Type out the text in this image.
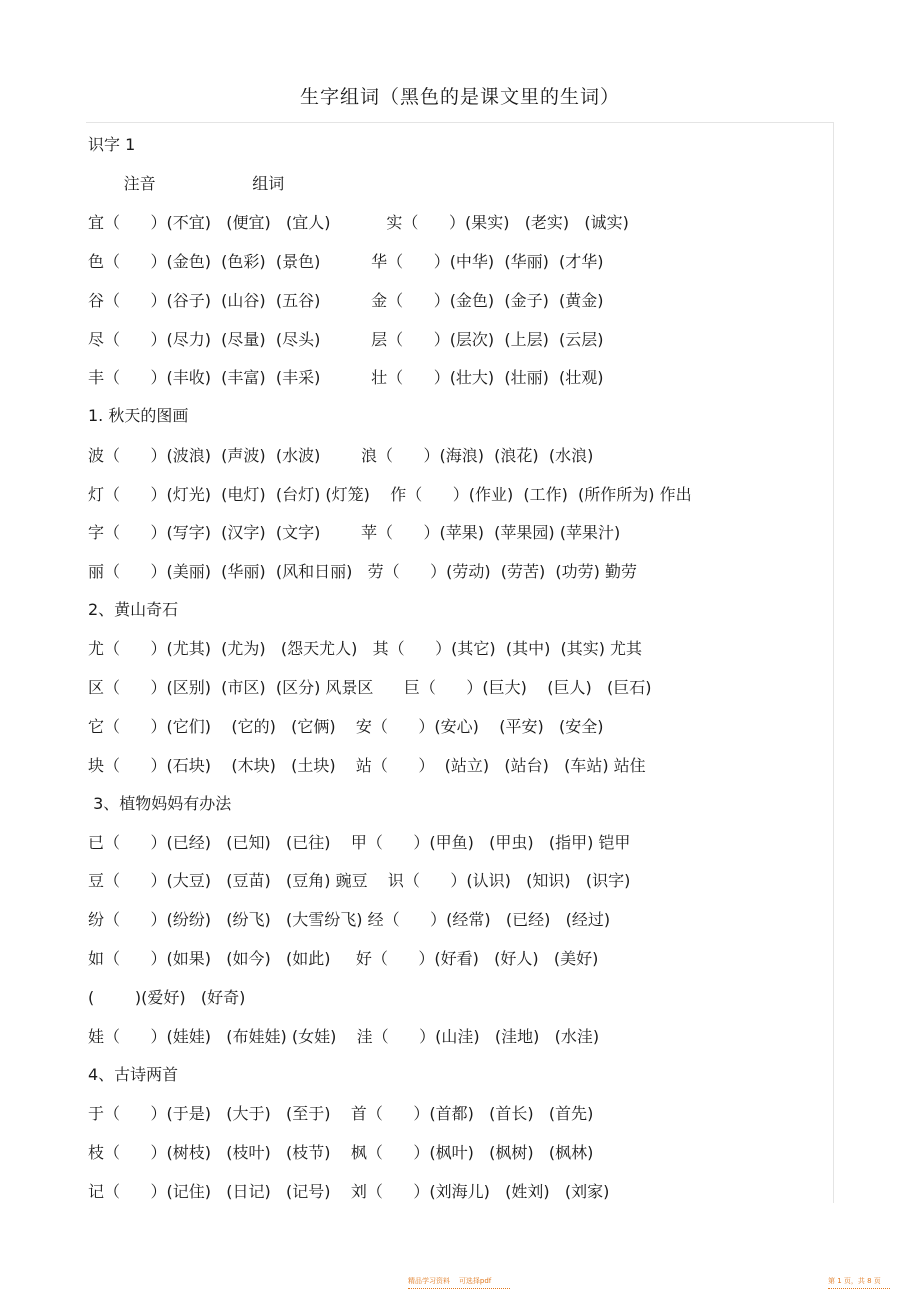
生字组词（黑色的是课文里的生词）
识字 1
注音                   组词
宜（      ）(不宜)   (便宜)   (宜人)           实（      ）(果实)   (老实)   (诚实)
色（      ）(金色)  (色彩)  (景色)          华（      ）(中华)  (华丽)  (才华)
谷（      ）(谷子)  (山谷)  (五谷)          金（      ）(金色)  (金子)  (黄金)
尽（      ）(尽力)  (尽量)  (尽头)          层（      ）(层次)  (上层)  (云层)
丰（      ）(丰收)  (丰富)  (丰采)          壮（      ）(壮大)  (壮丽)  (壮观)
1. 秋天的图画
波（      ）(波浪)  (声波)  (水波)        浪（      ）(海浪)  (浪花)  (水浪)
灯（      ）(灯光)  (电灯)  (台灯) (灯笼)    作（      ）(作业)  (工作)  (所作所为) 作出
字（      ）(写字)  (汉字)  (文字)        苹（      ）(苹果)  (苹果园) (苹果汁)
丽（      ）(美丽)  (华丽)  (风和日丽)   劳（      ）(劳动)  (劳苦)  (功劳) 勤劳
2、黄山奇石
尤（      ）(尤其)  (尤为)   (怨天尤人)   其（      ）(其它)  (其中)  (其实) 尤其
区（      ）(区别)  (市区)  (区分) 风景区      巨（      ）(巨大)    (巨人)   (巨石)
它（      ）(它们)    (它的)   (它俩)    安（      ）(安心)    (平安)   (安全)
块（      ）(石块)    (木块)   (土块)    站（      ）  (站立)   (站台)   (车站) 站住
3、植物妈妈有办法
已（      ）(已经)   (已知)   (已往)    甲（      ）(甲鱼)   (甲虫)   (指甲) 铠甲
豆（      ）(大豆)   (豆苗)   (豆角) 豌豆    识（      ）(认识)   (知识)   (识字)
纷（      ）(纷纷)   (纷飞)   (大雪纷飞) 经（      ）(经常)   (已经)   (经过)
如（      ）(如果)   (如今)   (如此)     好（      ）(好看)   (好人)   (美好)
(        )(爱好)   (好奇)
娃（      ）(娃娃)   (布娃娃) (女娃)    洼（      ）(山洼)   (洼地)   (水洼)
4、古诗两首
于（      ）(于是)   (大于)   (至于)    首（      ）(首都)   (首长)   (首先)
枝（      ）(树枝)   (枝叶)   (枝节)    枫（      ）(枫叶)   (枫树)   (枫林)
记（      ）(记住)   (日记)   (记号)    刘（      ）(刘海儿)   (姓刘)   (刘家)
精品学习资料    可选择pdf	第 1 页，共 8 页
